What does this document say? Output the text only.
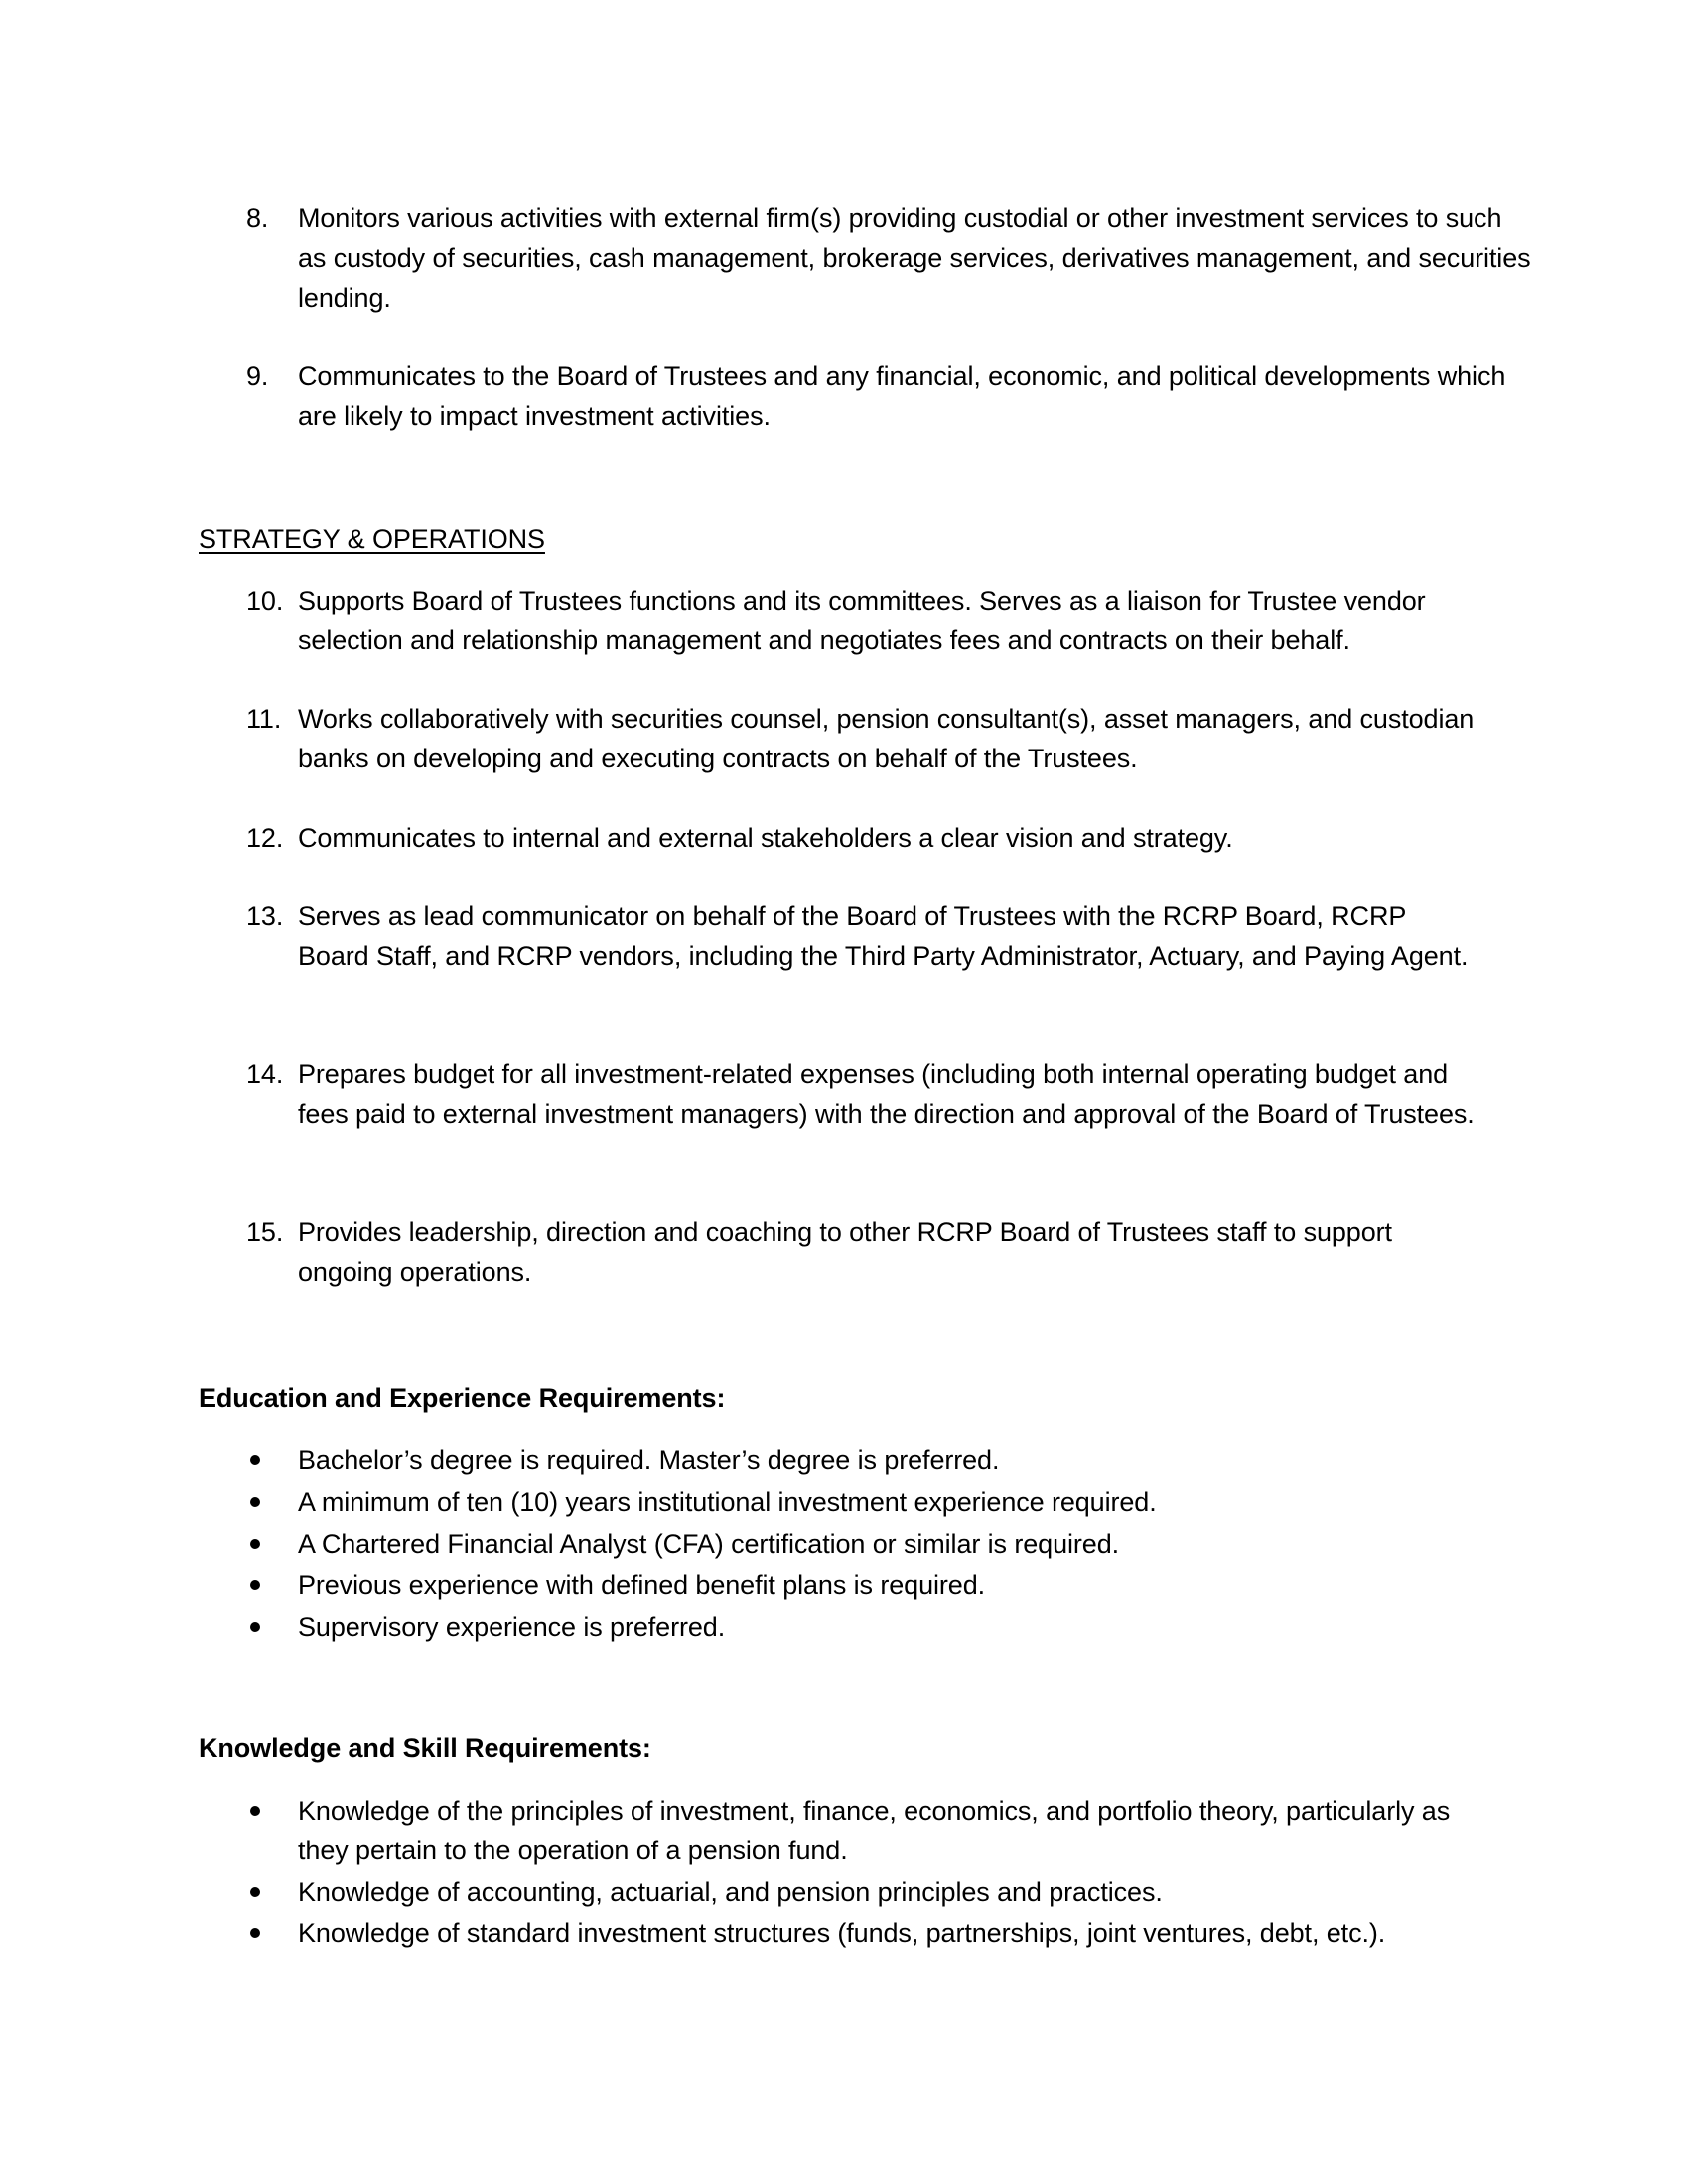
8. Monitors various activities with external firm(s) providing custodial or other investment services to such as custody of securities, cash management, brokerage services, derivatives management, and securities lending.
9. Communicates to the Board of Trustees and any financial, economic, and political developments which are likely to impact investment activities.
STRATEGY & OPERATIONS
10. Supports Board of Trustees functions and its committees. Serves as a liaison for Trustee vendor selection and relationship management and negotiates fees and contracts on their behalf.
11. Works collaboratively with securities counsel, pension consultant(s), asset managers, and custodian banks on developing and executing contracts on behalf of the Trustees.
12. Communicates to internal and external stakeholders a clear vision and strategy.
13. Serves as lead communicator on behalf of the Board of Trustees with the RCRP Board, RCRP Board Staff, and RCRP vendors, including the Third Party Administrator, Actuary, and Paying Agent.
14. Prepares budget for all investment-related expenses (including both internal operating budget and fees paid to external investment managers) with the direction and approval of the Board of Trustees.
15. Provides leadership, direction and coaching to other RCRP Board of Trustees staff to support ongoing operations.
Education and Experience Requirements:
Bachelor’s degree is required. Master’s degree is preferred.
A minimum of ten (10) years institutional investment experience required.
A Chartered Financial Analyst (CFA) certification or similar is required.
Previous experience with defined benefit plans is required.
Supervisory experience is preferred.
Knowledge and Skill Requirements:
Knowledge of the principles of investment, finance, economics, and portfolio theory, particularly as they pertain to the operation of a pension fund.
Knowledge of accounting, actuarial, and pension principles and practices.
Knowledge of standard investment structures (funds, partnerships, joint ventures, debt, etc.).
